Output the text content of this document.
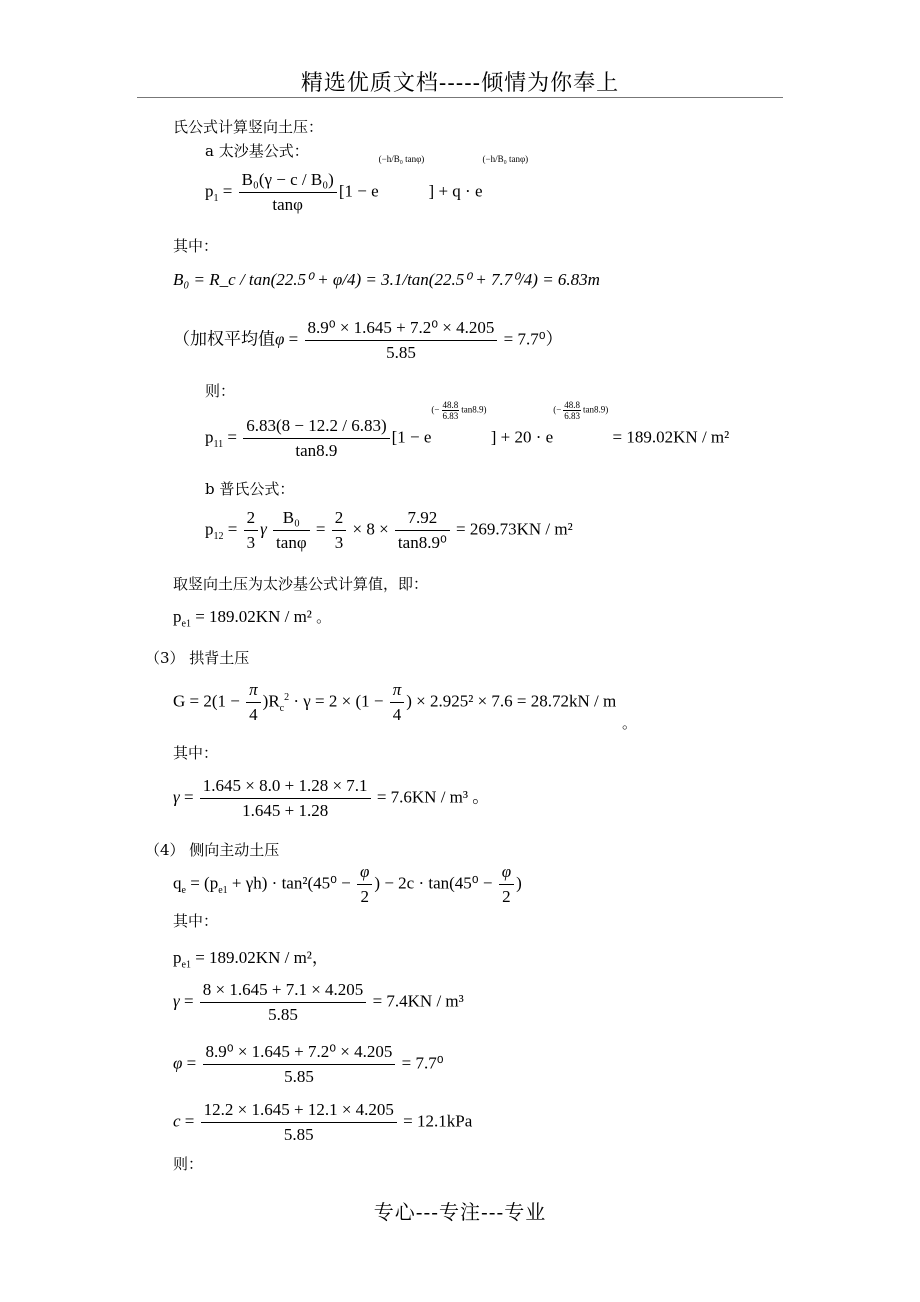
精选优质文档-----倾情为你奉上
氏公式计算竖向土压：
a 太沙基公式：
$p_1 = \frac{\text{B₀(γ − c / B₀)}}{\tan\varphi} [1 - e(-h/B_0$ tanφ) ] + q · e(−h/B₀ tanφ)
其中：
B₀ = R_c / tan(22.5⁰ + φ/4) = 3.1/tan(22.5⁰ + 7.7⁰/4) = 6.83m
（加权平均值$\varphi = \frac{\text{8.9⁰ × 1.645 + 7.2⁰ × 4.205}}{5.85} = 7.7^0$）
则：
$p_{11} = \frac{6.83(8 - 12.2 / 6.83)}{\tan 8.9} [1 - e(- \frac{48.8}{6.83} \tan 8.9)$ ] + $20 \cdot e(- \frac{48.8}{6.83} \tan 8.9) = 189.02KN / m^2$
b 普氏公式：
$p_{12} = \frac{2}{3}$ γ $\frac{\text{B₀}}{\tan\varphi} = \frac{2}{3} \times 8 \times \frac{7.92}{\text{tan8.9⁰}} = 269.73KN / m^2$
取竖向土压为太沙基公式计算值，即：
$p_{e1} = 189.02KN / m^2$ 。
（3） 拱背土压
$G = 2(1 - \frac{\pi}{4} )R_c^2 \cdot \gamma = 2 \times (1 - \frac{\pi}{4}$ ) × 2.925² × 7.6 = 28.72kN / m
。
其中：
$\gamma = \frac{1.645 \times 8.0 + 1.28 \times 7.1}{1.645 + 1.28} = 7.6KN / m^3$ 。
（4） 侧向主动土压
$q_e = (p_{e1} + \gamma h) \cdot \tan^2(45^0 - \frac{\varphi}{2}$ ) − $2c \cdot \tan(45^0 - \frac{\varphi}{2}$ )
其中：
$p_{e1} = 189.02KN / m^2$，
$\gamma = \frac{8 \times 1.645 + 7.1 \times 4.205}{5.85} = 7.4KN / m^3$
$\varphi = \frac{\text{8.9⁰ × 1.645 + 7.2⁰ × 4.205}}{5.85} = 7.7^0$
$c = \frac{12.2 \times 1.645 + 12.1 \times 4.205}{5.85} = 12.1kPa$
则：
专心---专注---专业
